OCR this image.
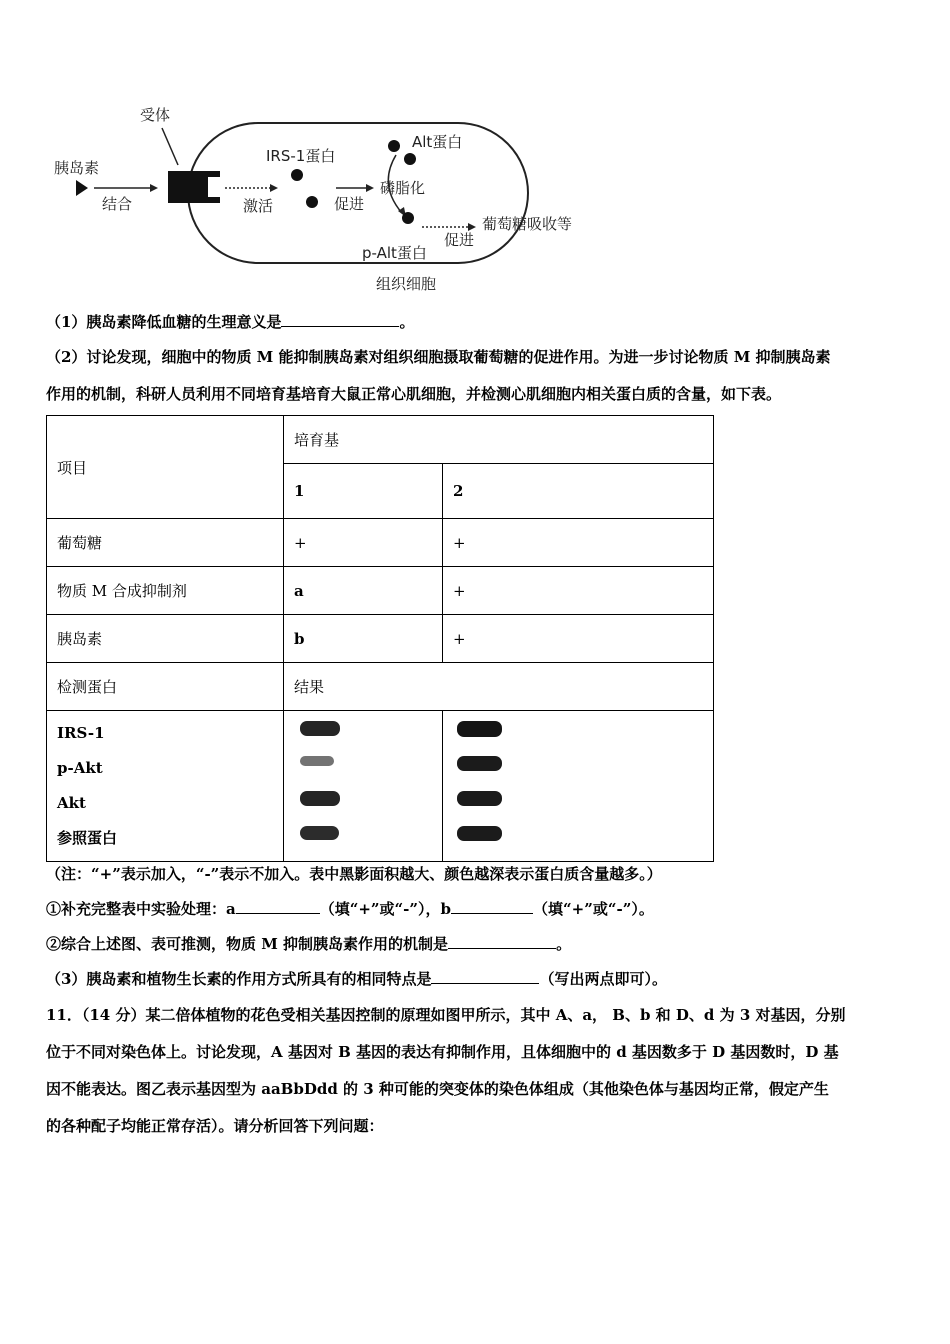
受体
胰岛素
结合	激活
IRS-1蛋白
促进
Alt蛋白
磷脂化
p-Alt蛋白
促进
葡萄糖吸收等
组织细胞
（1）胰岛素降低血糖的生理意义是	。
（2）讨论发现，细胞中的物质 M 能抑制胰岛素对组织细胞摄取葡萄糖的促进作用。为进一步讨论物质 M 抑制胰岛素
作用的机制，科研人员利用不同培育基培育大鼠正常心肌细胞，并检测心肌细胞内相关蛋白质的含量，如下表。
项目	培育基	
	1	2
葡萄糖	+	+
物质 M 合成抑制剂	a	+
胰岛素	b	+
检测蛋白	结果	

IRS-1
p-Akt
Akt
参照蛋白		

（注：“+”表示加入，“-”表示不加入。表中黑影面积越大、颜色越深表示蛋白质含量越多。）
①补充完整表中实验处理：a	（填“+”或“-”），b	（填“+”或“-”）。
②综合上述图、表可推测，物质 M 抑制胰岛素作用的机制是	。
（3）胰岛素和植物生长素的作用方式所具有的相同特点是	（写出两点即可）。
11．（14 分）某二倍体植物的花色受相关基因控制的原理如图甲所示，其中 A、a， B、b 和 D、d 为 3 对基因，分别
位于不同对染色体上。讨论发现，A 基因对 B 基因的表达有抑制作用，且体细胞中的 d 基因数多于 D 基因数时，D 基
因不能表达。图乙表示基因型为 aaBbDdd 的 3 种可能的突变体的染色体组成（其他染色体与基因均正常，假定产生
的各种配子均能正常存活）。请分析回答下列问题：
